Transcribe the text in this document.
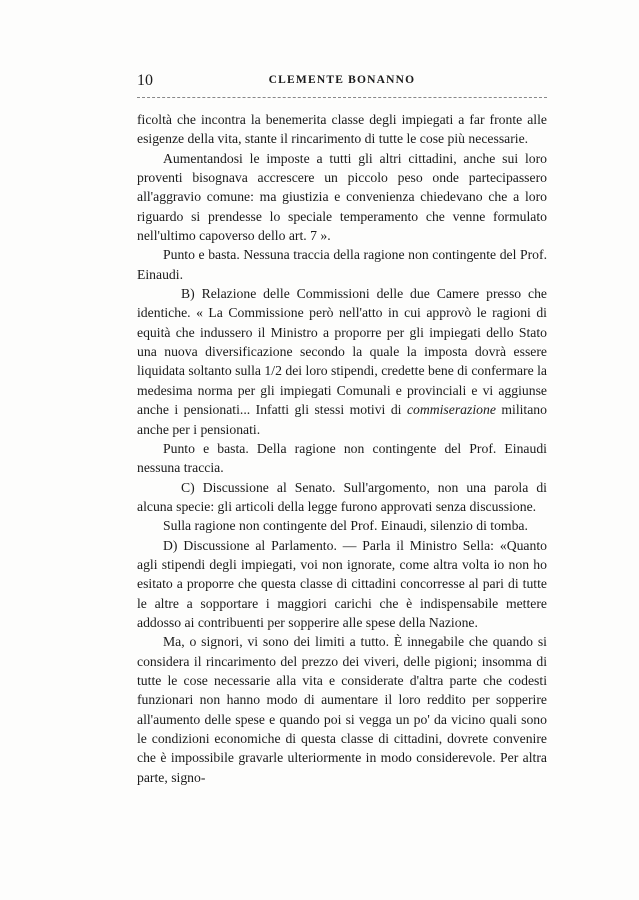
10	CLEMENTE BONANNO

ficoltà che incontra la benemerita classe degli impiegati a far fronte alle esigenze della vita, stante il rincarimento di tutte le cose più necessarie.

Aumentandosi le imposte a tutti gli altri cittadini, anche sui loro proventi bisognava accrescere un piccolo peso onde partecipassero all'aggravio comune: ma giustizia e convenienza chiedevano che a loro riguardo si prendesse lo speciale temperamento che venne formulato nell'ultimo capoverso dello art. 7 ».

Punto e basta. Nessuna traccia della ragione non contingente del Prof. Einaudi.

B) Relazione delle Commissioni delle due Camere presso che identiche. « La Commissione però nell'atto in cui approvò le ragioni di equità che indussero il Ministro a proporre per gli impiegati dello Stato una nuova diversificazione secondo la quale la imposta dovrà essere liquidata soltanto sulla 1/2 dei loro stipendi, credette bene di confermare la medesima norma per gli impiegati Comunali e provinciali e vi aggiunse anche i pensionati... Infatti gli stessi motivi di commiserazione militano anche per i pensionati.

Punto e basta. Della ragione non contingente del Prof. Einaudi nessuna traccia.

C) Discussione al Senato. Sull'argomento, non una parola di alcuna specie: gli articoli della legge furono approvati senza discussione.

Sulla ragione non contingente del Prof. Einaudi, silenzio di tomba.

D) Discussione al Parlamento. — Parla il Ministro Sella: «Quanto agli stipendi degli impiegati, voi non ignorate, come altra volta io non ho esitato a proporre che questa classe di cittadini concorresse al pari di tutte le altre a sopportare i maggiori carichi che è indispensabile mettere addosso ai contribuenti per sopperire alle spese della Nazione.

Ma, o signori, vi sono dei limiti a tutto. È innegabile che quando si considera il rincarimento del prezzo dei viveri, delle pigioni; insomma di tutte le cose necessarie alla vita e considerate d'altra parte che codesti funzionari non hanno modo di aumentare il loro reddito per sopperire all'aumento delle spese e quando poi si vegga un po' da vicino quali sono le condizioni economiche di questa classe di cittadini, dovrete convenire che è impossibile gravarle ulteriormente in modo considerevole. Per altra parte, signo-
